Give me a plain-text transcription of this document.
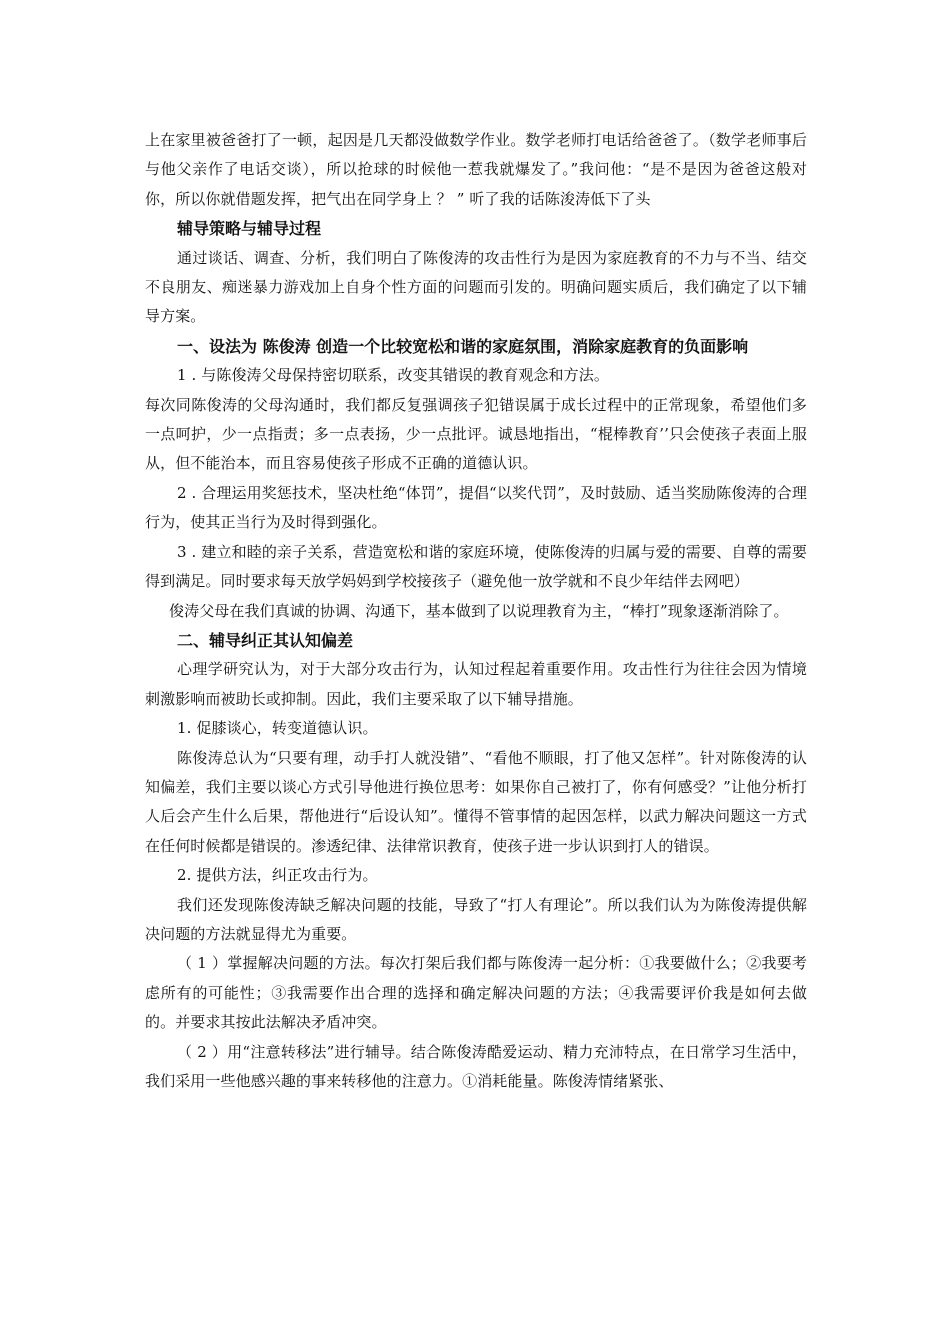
上在家里被爸爸打了一顿，起因是几天都没做数学作业。数学老师打电话给爸爸了。（数学老师事后与他父亲作了电话交谈），所以抢球的时候他一惹我就爆发了。”我问他：“是不是因为爸爸这般对你，所以你就借题发挥，把气出在同学身上 ？ ” 听了我的话陈浚涛低下了头

辅导策略与辅导过程

通过谈话、调查、分析，我们明白了陈俊涛的攻击性行为是因为家庭教育的不力与不当、结交不良朋友、痴迷暴力游戏加上自身个性方面的问题而引发的。明确问题实质后，我们确定了以下辅导方案。

一、设法为 陈俊涛 创造一个比较宽松和谐的家庭氛围，消除家庭教育的负面影响

1 . 与陈俊涛父母保持密切联系，改变其错误的教育观念和方法。

每次同陈俊涛的父母沟通时，我们都反复强调孩子犯错误属于成长过程中的正常现象，希望他们多一点呵护，少一点指责；多一点表扬，少一点批评。诚恳地指出，“棍棒教育’’只会使孩子表面上服从，但不能治本，而且容易使孩子形成不正确的道德认识。

2 . 合理运用奖惩技术，坚决杜绝“体罚”，提倡“以奖代罚”，及时鼓励、适当奖励陈俊涛的合理行为，使其正当行为及时得到强化。

3 . 建立和睦的亲子关系，营造宽松和谐的家庭环境，使陈俊涛的归属与爱的需要、自尊的需要得到满足。同时要求每天放学妈妈到学校接孩子（避免他一放学就和不良少年结伴去网吧）

俊涛父母在我们真诚的协调、沟通下，基本做到了以说理教育为主，“棒打”现象逐渐消除了。

二、辅导纠正其认知偏差

心理学研究认为，对于大部分攻击行为，认知过程起着重要作用。攻击性行为往往会因为情境刺激影响而被助长或抑制。因此，我们主要采取了以下辅导措施。

1. 促膝谈心，转变道德认识。

陈俊涛总认为“只要有理，动手打人就没错”、“看他不顺眼，打了他又怎样”。针对陈俊涛的认知偏差，我们主要以谈心方式引导他进行换位思考：如果你自己被打了，你有何感受？”让他分析打人后会产生什么后果，帮他进行“后设认知”。懂得不管事情的起因怎样，以武力解决问题这一方式在任何时候都是错误的。渗透纪律、法律常识教育，使孩子进一步认识到打人的错误。

2. 提供方法，纠正攻击行为。

我们还发现陈俊涛缺乏解决问题的技能，导致了“打人有理论”。所以我们认为为陈俊涛提供解决问题的方法就显得尤为重要。

（ 1 ）掌握解决问题的方法。每次打架后我们都与陈俊涛一起分析：①我要做什么；②我要考虑所有的可能性；③我需要作出合理的选择和确定解决问题的方法；④我需要评价我是如何去做的。并要求其按此法解决矛盾冲突。

（ 2 ）用“注意转移法”进行辅导。结合陈俊涛酷爱运动、精力充沛特点，在日常学习生活中，我们采用一些他感兴趣的事来转移他的注意力。①消耗能量。陈俊涛情绪紧张、
